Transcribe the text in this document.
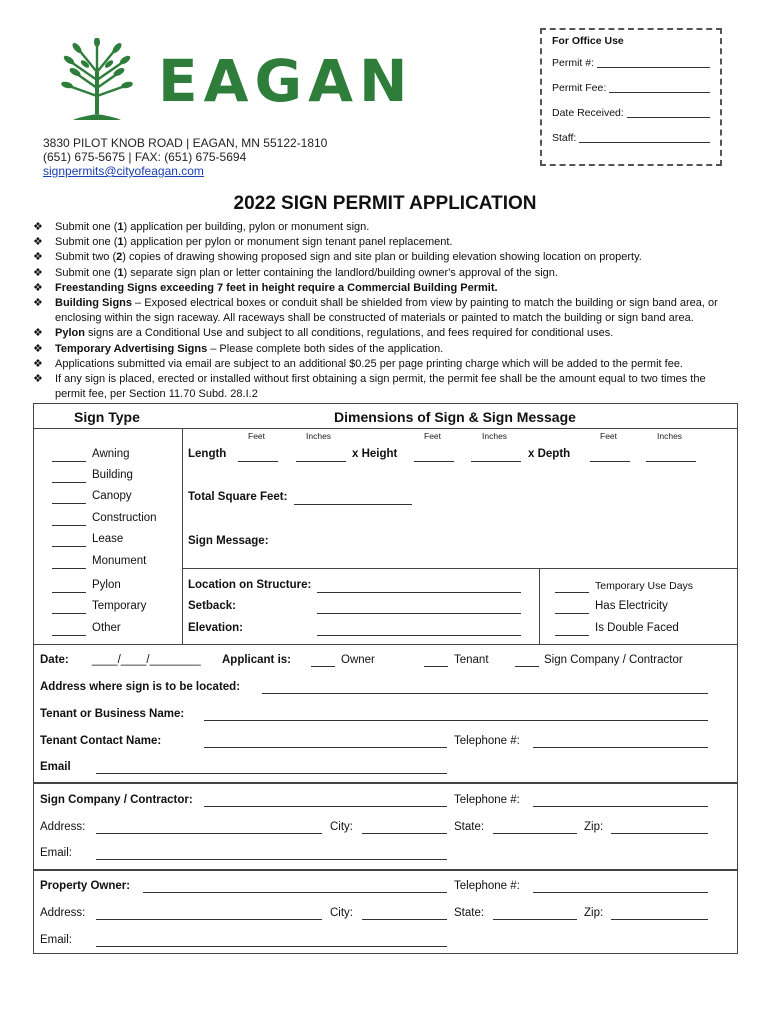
EAGAN
3830 PILOT KNOB ROAD | EAGAN, MN 55122-1810
(651) 675-5675 | FAX: (651) 675-5694
signpermits@cityofeagan.com
For Office Use
Permit #:
Permit Fee:
Date Received:
Staff:
2022 SIGN PERMIT APPLICATION
❖	Submit one (1) application per building, pylon or monument sign.
❖	Submit one (1) application per pylon or monument sign tenant panel replacement.
❖	Submit two (2) copies of drawing showing proposed sign and site plan or building elevation showing location on property.
❖	Submit one (1) separate sign plan or letter containing the landlord/building owner's approval of the sign.
❖	Freestanding Signs exceeding 7 feet in height require a Commercial Building Permit.
❖	Building Signs – Exposed electrical boxes or conduit shall be shielded from view by painting to match the building or sign band area, or enclosing within the sign raceway. All raceways shall be constructed of materials or painted to match the building or sign band area.
❖	Pylon signs are a Conditional Use and subject to all conditions, regulations, and fees required for conditional uses.
❖	Temporary Advertising Signs – Please complete both sides of the application.
❖	Applications submitted via email are subject to an additional $0.25 per page printing charge which will be added to the permit fee.
❖	If any sign is placed, erected or installed without first obtaining a sign permit, the permit fee shall be the amount equal to two times the permit fee, per Section 11.70 Subd. 28.I.2
Sign Type	Dimensions of Sign & Sign Message
Feet	Inches	Feet	Inches	Feet	Inches
Awning
Building
Canopy
Construction
Lease
Monument
Pylon
Temporary
Other
Length	x Height	x Depth
Total Square Feet:
Sign Message:
Location on Structure:
Setback:
Elevation:
Temporary Use Days
Has Electricity
Is Double Faced
Date: ____/____/________ Applicant is:	Owner	Tenant	Sign Company / Contractor
Address where sign is to be located:
Tenant or Business Name:
Tenant Contact Name:	Telephone #:
Email
Sign Company / Contractor:	Telephone #:
Address:	City:	State:	Zip:
Email:
Property Owner:	Telephone #:
Address:	City:	State:	Zip:
Email:
